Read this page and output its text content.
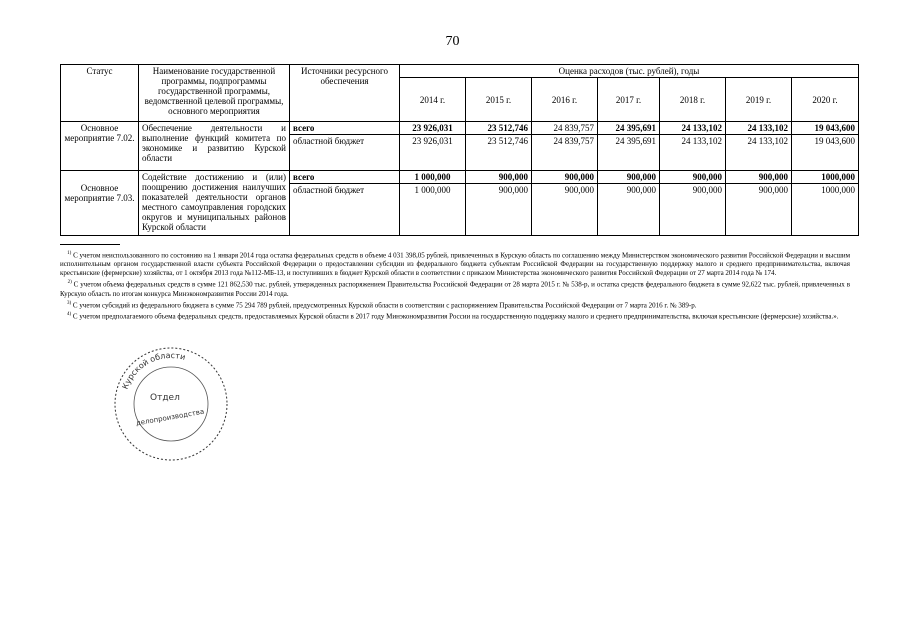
70
Статус	Наименование государственной программы, подпрограммы государственной программы, ведомственной целевой программы, основного мероприятия	Источники ресурсного обеспечения	Оценка расходов (тыс. рублей), годы						
			2014 г.	2015 г.	2016 г.	2017 г.	2018 г.	2019 г.	2020 г.
Основное мероприятие 7.02.	Обеспечение деятельности и выполнение функций комитета по экономике и развитию Курской области	всего	23 926,031	23 512,746	24 839,757	24 395,691	24 133,102	24 133,102	19 043,600
		областной бюджет	23 926,031	23 512,746	24 839,757	24 395,691	24 133,102	24 133,102	19 043,600
Основное мероприятие 7.03.	Содействие достижению и (или) поощрению достижения наилучших показателей деятельности органов местного самоуправления городских округов и муниципальных районов Курской области	всего	1 000,000	900,000	900,000	900,000	900,000	900,000	1000,000
		областной бюджет	1 000,000	900,000	900,000	900,000	900,000	900,000	1000,000

$^{1)}$ С учетом неиспользованного по состоянию на 1 января 2014 года остатка федеральных средств в объеме 4 031 398,05 рублей, привлеченных в Курскую область по соглашению между Министерством экономического развития Российской Федерации и высшим исполнительным органом государственной власти субъекта Российской Федерации о предоставлении субсидии из федерального бюджета субъектам Российской Федерации на государственную поддержку малого и среднего предпринимательства, включая крестьянские (фермерские) хозяйства, от 1 октября 2013 года №112-МБ-13, и поступивших в бюджет Курской области в соответствии с приказом Министерства экономического развития Российской Федерации от 27 марта 2014 года № 174.

$^{2)}$ С учетом объема федеральных средств в сумме 121 862,530 тыс. рублей, утвержденных распоряжением Правительства Российской Федерации от 28 марта 2015 г. № 538-р, и остатка средств федерального бюджета в сумме 92,622 тыс. рублей, привлеченных в Курскую область по итогам конкурса Минэкономразвития России 2014 года.

$^{3)}$ С учетом субсидий из федерального бюджета в сумме 75 294 789 рублей, предусмотренных Курской области в соответствии с распоряжением Правительства Российской Федерации от 7 марта 2016 г. № 389-р.

$^{4)}$ С учетом предполагаемого объема федеральных средств, предоставляемых Курской области в 2017 году Минэкономразвития России на государственную поддержку малого и среднего предпринимательства, включая крестьянские (фермерские) хозяйства.».

Курской области
Отдел
делопроизводства
